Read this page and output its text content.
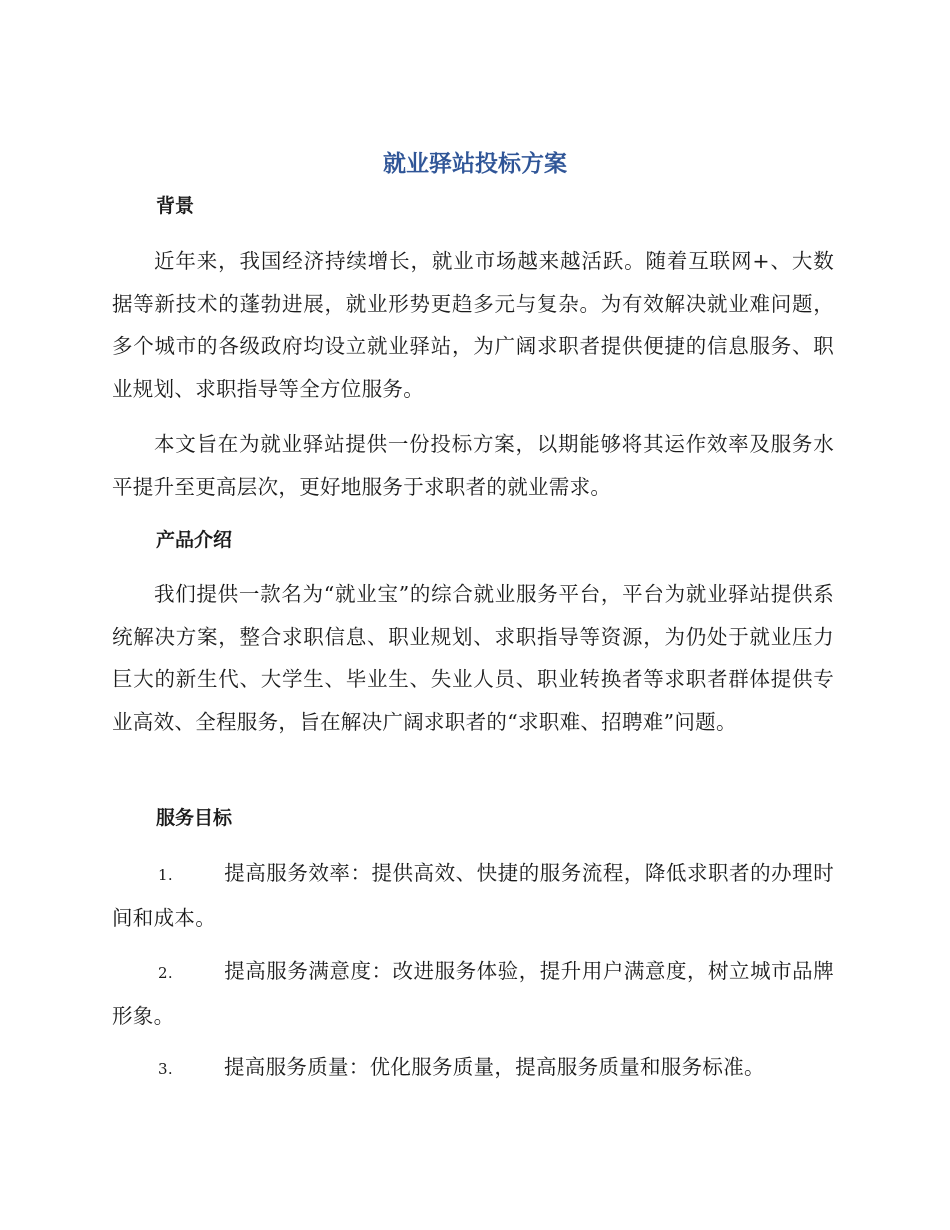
就业驿站投标方案
背景

近年来，我国经济持续增长，就业市场越来越活跃。随着互联网+、大数据等新技术的蓬勃进展，就业形势更趋多元与复杂。为有效解决就业难问题，多个城市的各级政府均设立就业驿站，为广阔求职者提供便捷的信息服务、职业规划、求职指导等全方位服务。

本文旨在为就业驿站提供一份投标方案，以期能够将其运作效率及服务水平提升至更高层次，更好地服务于求职者的就业需求。

产品介绍

我们提供一款名为“就业宝”的综合就业服务平台，平台为就业驿站提供系统解决方案，整合求职信息、职业规划、求职指导等资源，为仍处于就业压力巨大的新生代、大学生、毕业生、失业人员、职业转换者等求职者群体提供专业高效、全程服务，旨在解决广阔求职者的“求职难、招聘难”问题。

服务目标

1. 提高服务效率：提供高效、快捷的服务流程，降低求职者的办理时间和成本。

2. 提高服务满意度：改进服务体验，提升用户满意度，树立城市品牌形象。

3. 提高服务质量：优化服务质量，提高服务质量和服务标准。
